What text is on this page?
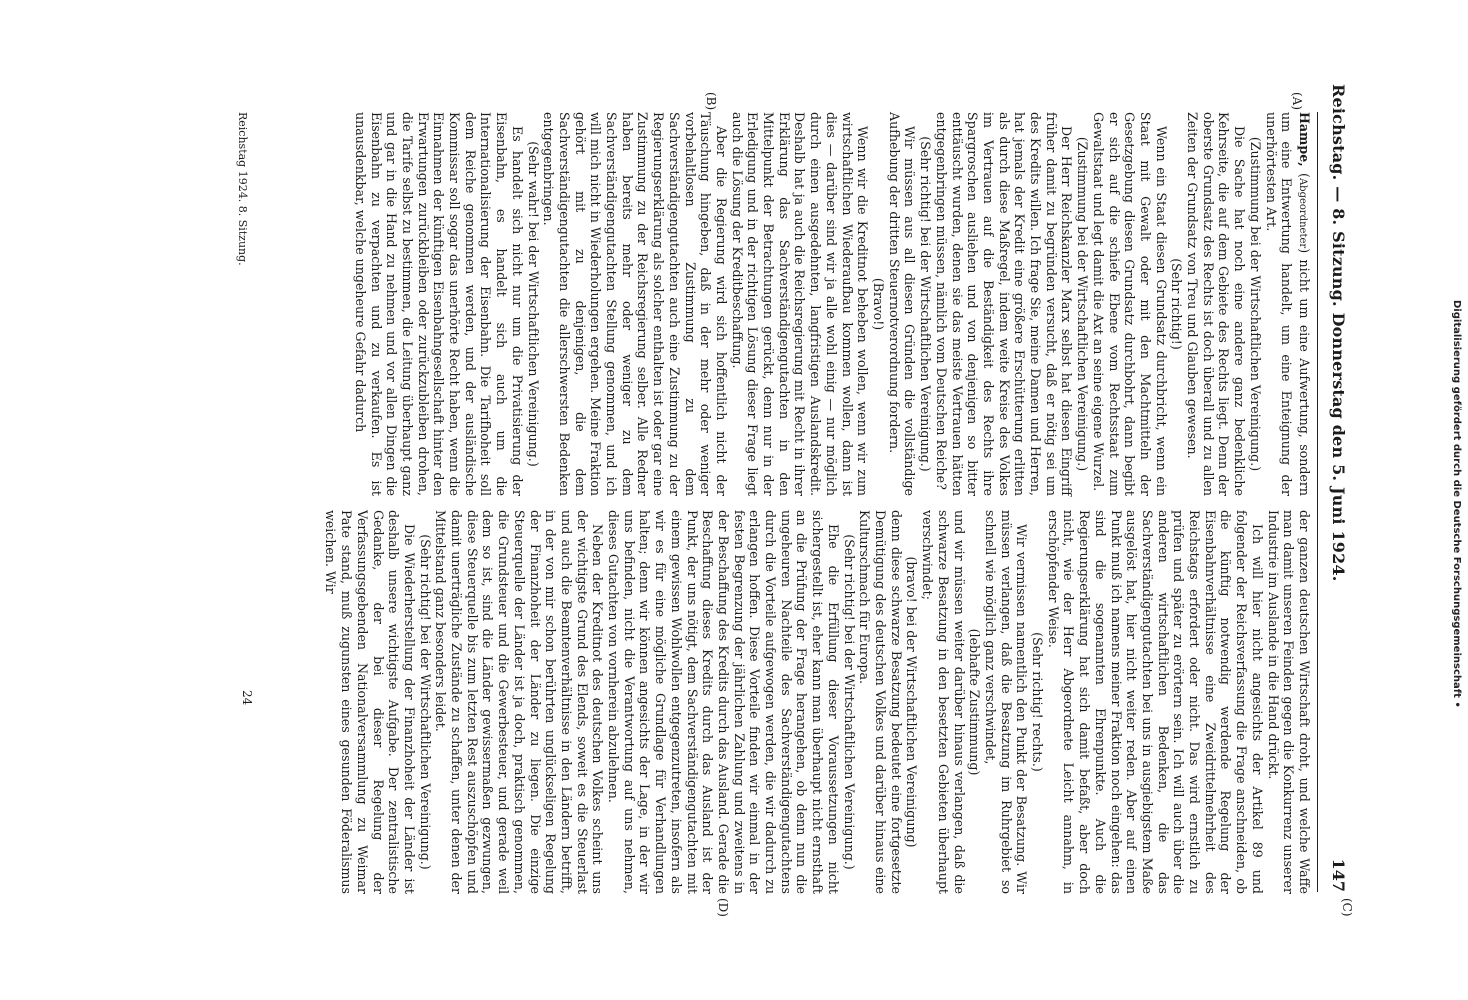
Reichstag. — 8. Sitzung. Donnerstag den 5. Juni 1924.
147
(A)
(B)
(C)
(D)

Hampe, (Abgeordneter) nicht um eine Aufwertung, sondern um eine Entwertung handelt, um eine Enteignung der unerhörtesten Art.

(Zustimmung bei der Wirtschaftlichen Vereinigung.)

Die Sache hat noch eine andere ganz bedenkliche Kehrseite, die auf dem Gebiete des Rechts liegt. Denn der oberste Grundsatz des Rechts ist doch überall und zu allen Zeiten der Grundsatz von Treu und Glauben gewesen.

(Sehr richtig!)

Wenn ein Staat diesen Grundsatz durchbricht, wenn ein Staat mit Gewalt oder mit den Machtmitteln der Gesetzgebung diesen Grundsatz durchbohrt, dann begibt er sich auf die schiefe Ebene vom Rechtsstaat zum Gewaltstaat und legt damit die Axt an seine eigene Wurzel.

(Zustimmung bei der Wirtschaftlichen Vereinigung.)

Der Herr Reichskanzler Marx selbst hat diesen Eingriff früher damit zu begründen versucht, daß er nötig sei um des Kredits willen. Ich frage Sie, meine Damen und Herren, hat jemals der Kredit eine größere Erschütterung erlitten als durch diese Maßregel, indem weite Kreise des Volkes im Vertrauen auf die Beständigkeit des Rechts ihre Spargroschen ausliehen und von denjenigen so bitter enttäuscht wurden, denen sie das meiste Vertrauen hätten entgegenbringen müssen, nämlich vom Deutschen Reiche?

(Sehr richtig! bei der Wirtschaftlichen Vereinigung.)

Wir müssen aus all diesen Gründen die vollständige Aufhebung der dritten Steuernotverordnung fordern.

(Bravo!)

Wenn wir die Kreditnot beheben wollen, wenn wir zum wirtschaftlichen Wiederaufbau kommen wollen, dann ist dies — darüber sind wir ja alle wohl einig — nur möglich durch einen ausgedehnten, langfristigen Auslandskredit. Deshalb hat ja auch die Reichsregierung mit Recht in ihrer Erklärung das Sachverständigengutachten in den Mittelpunkt der Betrachtungen gerückt, denn nur in der Erledigung und in der richtigen Lösung dieser Frage liegt auch die Lösung der Kreditbeschaffung.

Aber die Regierung wird sich hoffentlich nicht der Täuschung hingeben, daß in der mehr oder weniger vorbehaltlosen Zustimmung zu dem Sachverständigengutachten auch eine Zustimmung zu der Regierungserklärung als solcher enthalten ist oder gar eine Zustimmung zu der Reichsregierung selber. Alle Redner haben bereits mehr oder weniger zu dem Sachverständigengutachten Stellung genommen, und ich will mich nicht in Wiederholungen ergehen. Meine Fraktion gehört mit zu denjenigen, die dem Sachverständigengutachten die allerschwersten Bedenken entgegenbringen.

(Sehr wahr! bei der Wirtschaftlichen Vereinigung.)

Es handelt sich nicht nur um die Privatisierung der Eisenbahn, es handelt sich auch um die Internationalisierung der Eisenbahn. Die Tarifhoheit soll dem Reiche genommen werden, und der ausländische Kommissar soll sogar das unerhörte Recht haben, wenn die Einnahmen der künftigen Eisenbahngesellschaft hinter den Erwartungen zurückbleiben oder zurückzubleiben drohen, die Tarife selbst zu bestimmen, die Leitung überhaupt ganz und gar in die Hand zu nehmen und vor allen Dingen die Eisenbahn zu verpachten und zu verkaufen. Es ist unausdenkbar, welche ungeheure Gefahr dadurch

der ganzen deutschen Wirtschaft droht, und welche Waffe man damit unseren Feinden gegen die Konkurrenz unserer Industrie im Auslande in die Hand drückt.

Ich will hier nicht angesichts der Artikel 89 und folgender der Reichsverfassung die Frage anschneiden, ob die künftig notwendig werdende Regelung der Eisenbahnverhältnisse eine Zweidrittelmehrheit des Reichstags erfordert oder nicht. Das wird ernstlich zu prüfen und später zu erörtern sein. Ich will auch über die anderen wirtschaftlichen Bedenken, die das Sachverständigengutachten bei uns in ausgiebigstem Maße ausgelöst hat, hier nicht weiter reden. Aber auf einen Punkt muß ich namens meiner Fraktion noch eingehen: das sind die sogenannten Ehrenpunkte. Auch die Regierungserklärung hat sich damit befaßt, aber doch nicht, wie der Herr Abgeordnete Leicht annahm, in erschöpfender Weise.

(Sehr richtig! rechts.)

Wir vermissen namentlich den Punkt der Besatzung. Wir müssen verlangen, daß die Besatzung im Ruhrgebiet so schnell wie möglich ganz verschwindet,

(lebhafte Zustimmung)

und wir müssen weiter darüber hinaus verlangen, daß die schwarze Besatzung in den besetzten Gebieten überhaupt verschwindet;

(bravo! bei der Wirtschaftlichen Vereinigung)

denn diese schwarze Besatzung bedeutet eine fortgesetzte Demütigung des deutschen Volkes und darüber hinaus eine Kulturschmach für Europa.

(Sehr richtig! bei der Wirtschaftlichen Vereinigung.)

Ehe die Erfüllung dieser Voraussetzungen nicht sichergestellt ist, eher kann man überhaupt nicht ernsthaft an die Prüfung der Frage herangehen, ob denn nun die ungeheuren Nachteile des Sachverständigengutachtens durch die Vorteile aufgewogen werden, die wir dadurch zu erlangen hoffen. Diese Vorteile finden wir einmal in der festen Begrenzung der jährlichen Zahlung und zweitens in der Beschaffung des Kredits durch das Ausland. Gerade die Beschaffung dieses Kredits durch das Ausland ist der Punkt, der uns nötigt, dem Sachverständigengutachten mit einem gewissen Wohlwollen entgegenzutreten, insofern als wir es für eine mögliche Grundlage für Verhandlungen halten; denn wir können angesichts der Lage, in der wir uns befinden, nicht die Verantwortung auf uns nehmen, dieses Gutachten von vornherein abzulehnen.

Neben der Kreditnot des deutschen Volkes scheint uns der wichtigste Grund des Elends, soweit es die Steuerlast und auch die Beamtenverhältnisse in den Ländern betrifft, in der von mir schon berührten unglückseligen Regelung der Finanzhoheit der Länder zu liegen. Die einzige Steuerquelle der Länder ist ja doch, praktisch genommen, die Grundsteuer und die Gewerbesteuer, und gerade weil dem so ist, sind die Länder gewissermaßen gezwungen, diese Steuerquelle bis zum letzten Rest auszuschöpfen und damit unerträgliche Zustände zu schaffen, unter denen der Mittelstand ganz besonders leidet.

(Sehr richtig! bei der Wirtschaftlichen Vereinigung.)

Die Wiederherstellung der Finanzhoheit der Länder ist deshalb unsere wichtigste Aufgabe. Der zentralistische Gedanke, der bei dieser Regelung der Verfassungsgebenden Nationalversammlung zu Weimar Pate stand, muß zugunsten eines gesunden Föderalismus weichen. Wir

Reichstag 1924. 8. Sitzung.
24	Digitalisierung gefördert durch die Deutsche Forschungsgemeinschaft •
